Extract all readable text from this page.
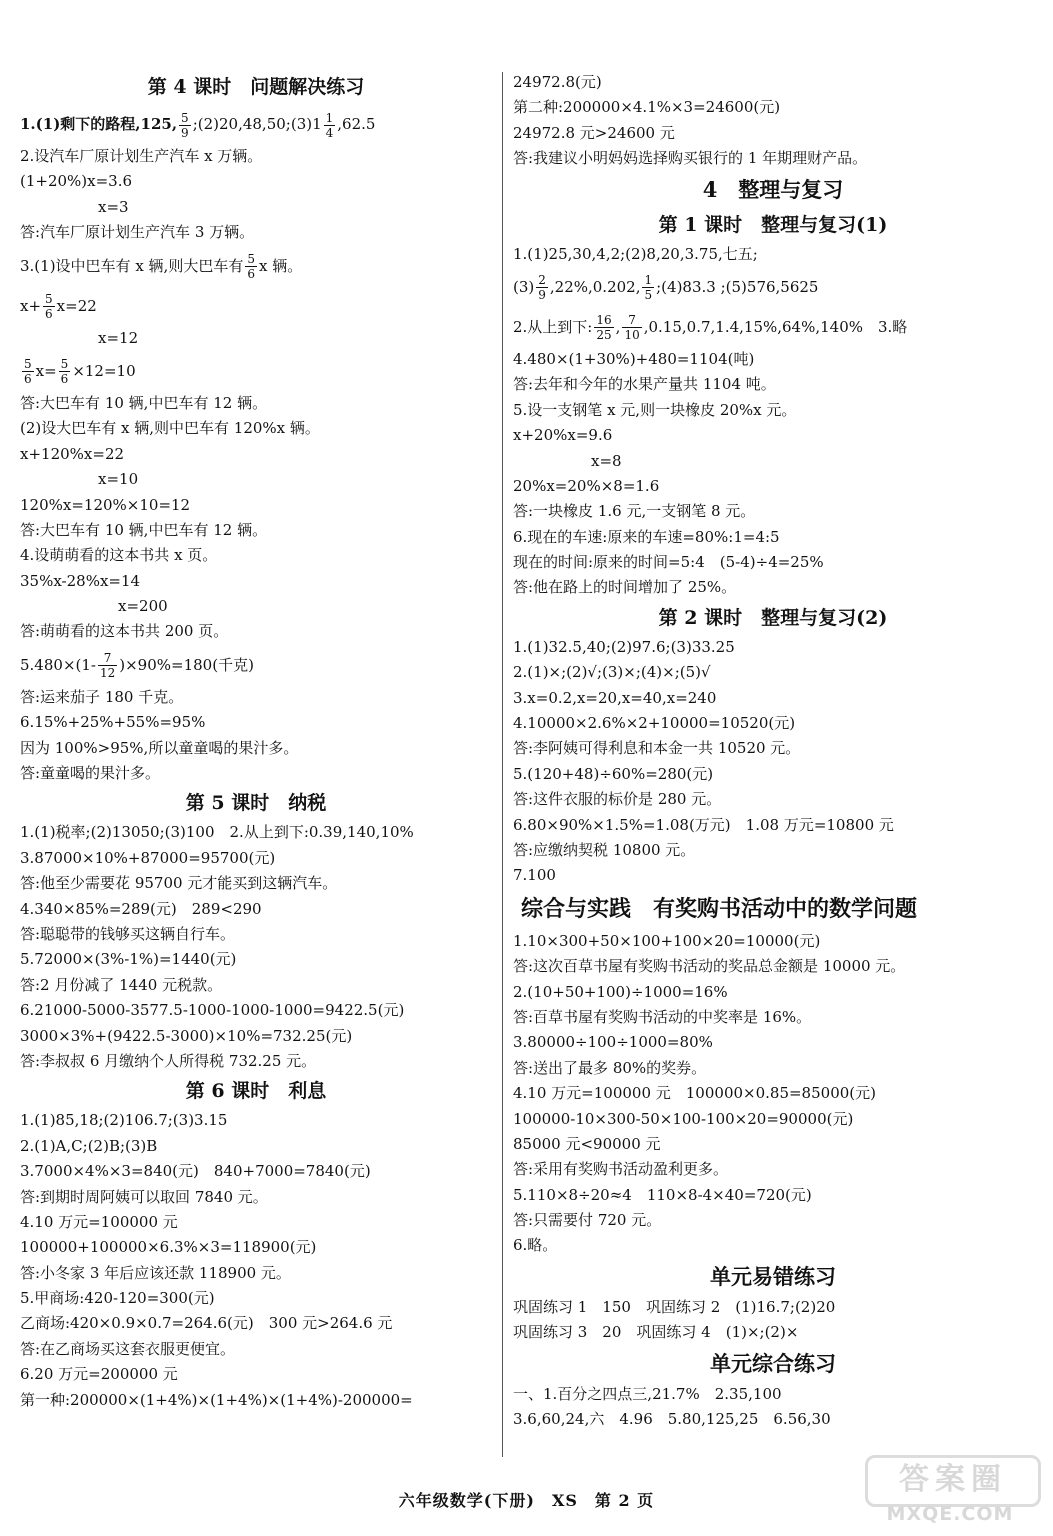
第 4 课时　问题解决练习
1.(1)剩下的路程,125, $\frac{5}{9}$ ;(2)20,48,50;(3)1 $\frac{1}{4} ,62.5$
2.设汽车厂原计划生产汽车 x 万辆。
(1+20%)x=3.6
x=3
答:汽车厂原计划生产汽车 3 万辆。
3.(1)设中巴车有 x 辆,则大巴车有 $\frac{5}{6}$ x 辆。
$x+ \frac{5}{6} x=22$
x=12
$\frac{5}{6} x= \frac{5}{6} \times 12=10$
答:大巴车有 10 辆,中巴车有 12 辆。
(2)设大巴车有 x 辆,则中巴车有 120%x 辆。
x+120%x=22
x=10
120%x=120%×10=12
答:大巴车有 10 辆,中巴车有 12 辆。
4.设萌萌看的这本书共 x 页。
35%x-28%x=14
x=200
答:萌萌看的这本书共 200 页。
$5.480\times(1- \frac{7}{12} )\times 90\%=180$(千克)
答:运来茄子 180 千克。
6.15%+25%+55%=95%
因为 100%>95%,所以童童喝的果汁多。
答:童童喝的果汁多。
第 5 课时　纳税
1.(1)税率;(2)13050;(3)100　2.从上到下:0.39,140,10%
3.87000×10%+87000=95700(元)
答:他至少需要花 95700 元才能买到这辆汽车。
4.340×85%=289(元)　289<290
答:聪聪带的钱够买这辆自行车。
5.72000×(3%-1%)=1440(元)
答:2 月份减了 1440 元税款。
6.21000-5000-3577.5-1000-1000-1000=9422.5(元)
3000×3%+(9422.5-3000)×10%=732.25(元)
答:李叔叔 6 月缴纳个人所得税 732.25 元。
第 6 课时　利息
1.(1)85,18;(2)106.7;(3)3.15
2.(1)A,C;(2)B;(3)B
3.7000×4%×3=840(元)　840+7000=7840(元)
答:到期时周阿姨可以取回 7840 元。
4.10 万元=100000 元
100000+100000×6.3%×3=118900(元)
答:小冬家 3 年后应该还款 118900 元。
5.甲商场:420-120=300(元)
乙商场:420×0.9×0.7=264.6(元)　300 元>264.6 元
答:在乙商场买这套衣服更便宜。
6.20 万元=200000 元
第一种:200000×(1+4%)×(1+4%)×(1+4%)-200000=
24972.8(元)
第二种:200000×4.1%×3=24600(元)
24972.8 元>24600 元
答:我建议小明妈妈选择购买银行的 1 年期理财产品。
4　整理与复习
第 1 课时　整理与复习(1)
1.(1)25,30,4,2;(2)8,20,3.75,七五;
$(3) \frac{2}{9} ,22\%,0.202$, $\frac{1}{5}$ ;(4)83.3 ;(5)576,5625
2.从上到下: $\frac{16}{25}$ , $\frac{7}{10} ,0.15,0.7,1.4,15\%,64\%,140\%$　3.略
4.480×(1+30%)+480=1104(吨)
答:去年和今年的水果产量共 1104 吨。
5.设一支钢笔 x 元,则一块橡皮 20%x 元。
x+20%x=9.6
x=8
20%x=20%×8=1.6
答:一块橡皮 1.6 元,一支钢笔 8 元。
6.现在的车速:原来的车速=80%:1=4:5
现在的时间:原来的时间=5:4　(5-4)÷4=25%
答:他在路上的时间增加了 25%。
第 2 课时　整理与复习(2)
1.(1)32.5,40;(2)97.6;(3)33.25
2.(1)×;(2)√;(3)×;(4)×;(5)√
3.x=0.2,x=20,x=40,x=240
4.10000×2.6%×2+10000=10520(元)
答:李阿姨可得利息和本金一共 10520 元。
5.(120+48)÷60%=280(元)
答:这件衣服的标价是 280 元。
6.80×90%×1.5%=1.08(万元)　1.08 万元=10800 元
答:应缴纳契税 10800 元。
7.100
综合与实践　有奖购书活动中的数学问题
1.10×300+50×100+100×20=10000(元)
答:这次百草书屋有奖购书活动的奖品总金额是 10000 元。
2.(10+50+100)÷1000=16%
答:百草书屋有奖购书活动的中奖率是 16%。
3.80000÷100÷1000=80%
答:送出了最多 80%的奖券。
4.10 万元=100000 元　100000×0.85=85000(元)
100000-10×300-50×100-100×20=90000(元)
85000 元<90000 元
答:采用有奖购书活动盈利更多。
5.110×8÷20≈4　110×8-4×40=720(元)
答:只需要付 720 元。
6.略。
单元易错练习
巩固练习 1　150　巩固练习 2　(1)16.7;(2)20
巩固练习 3　20　巩固练习 4　(1)×;(2)×
单元综合练习
一、1.百分之四点三,21.7%　2.35,100
3.6,60,24,六　4.96　5.80,125,25　6.56,30
六年级数学(下册)　XS　第 2 页
答案圈
MXQE.COM
